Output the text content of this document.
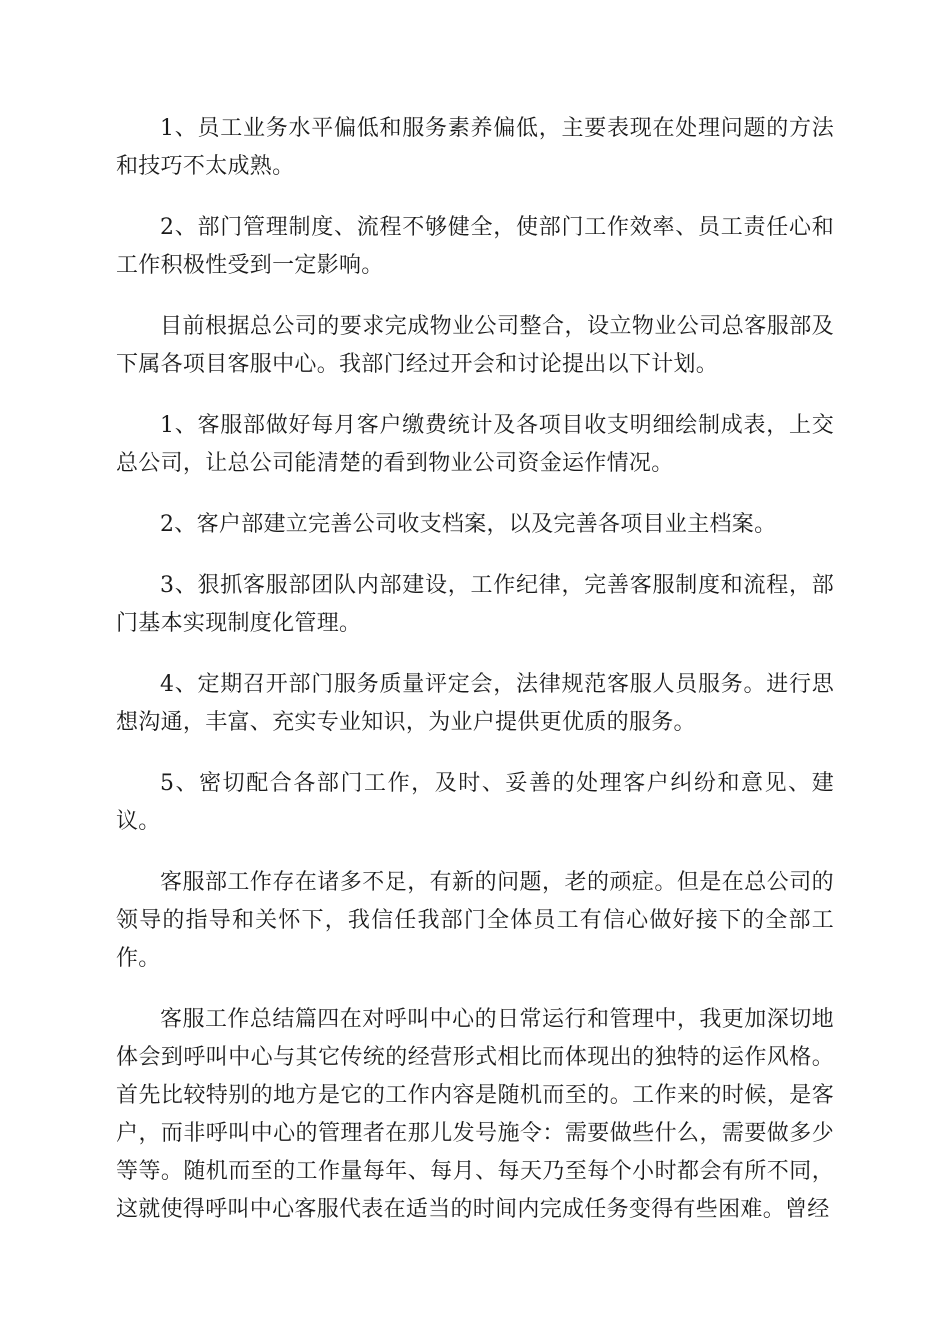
1、员工业务水平偏低和服务素养偏低，主要表现在处理问题的方法和技巧不太成熟。

2、部门管理制度、流程不够健全，使部门工作效率、员工责任心和工作积极性受到一定影响。

目前根据总公司的要求完成物业公司整合，设立物业公司总客服部及下属各项目客服中心。我部门经过开会和讨论提出以下计划。

1、客服部做好每月客户缴费统计及各项目收支明细绘制成表，上交总公司，让总公司能清楚的看到物业公司资金运作情况。

2、客户部建立完善公司收支档案，以及完善各项目业主档案。

3、狠抓客服部团队内部建设，工作纪律，完善客服制度和流程，部门基本实现制度化管理。

4、定期召开部门服务质量评定会，法律规范客服人员服务。进行思想沟通，丰富、充实专业知识，为业户提供更优质的服务。

5、密切配合各部门工作，及时、妥善的处理客户纠纷和意见、建议。

客服部工作存在诸多不足，有新的问题，老的顽症。但是在总公司的领导的指导和关怀下，我信任我部门全体员工有信心做好接下的全部工作。

客服工作总结篇四在对呼叫中心的日常运行和管理中，我更加深切地体会到呼叫中心与其它传统的经营形式相比而体现出的独特的运作风格。首先比较特别的地方是它的工作内容是随机而至的。工作来的时候，是客户，而非呼叫中心的管理者在那儿发号施令：需要做些什么，需要做多少等等。随机而至的工作量每年、每月、每天乃至每个小时都会有所不同，这就使得呼叫中心客服代表在适当的时间内完成任务变得有些困难。曾经
